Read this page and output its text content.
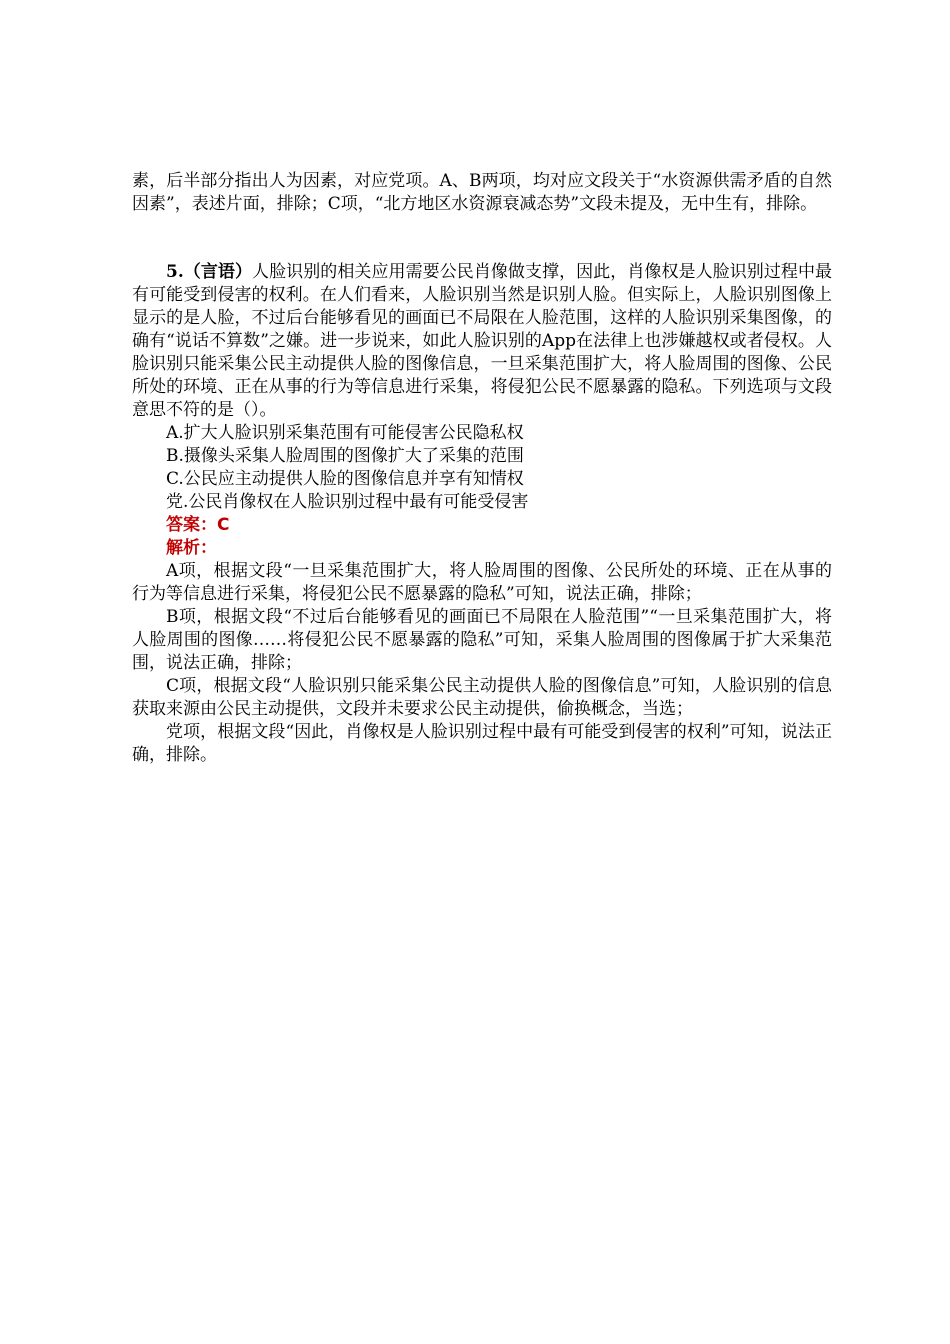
素，后半部分指出人为因素，对应党项。A、B两项，均对应文段关于“水资源供需矛盾的自然因素”，表述片面，排除；C项，“北方地区水资源衰减态势”文段未提及，无中生有，排除。

5.（言语）人脸识别的相关应用需要公民肖像做支撑，因此，肖像权是人脸识别过程中最有可能受到侵害的权利。在人们看来，人脸识别当然是识别人脸。但实际上，人脸识别图像上显示的是人脸，不过后台能够看见的画面已不局限在人脸范围，这样的人脸识别采集图像，的确有“说话不算数”之嫌。进一步说来，如此人脸识别的App在法律上也涉嫌越权或者侵权。人脸识别只能采集公民主动提供人脸的图像信息，一旦采集范围扩大，将人脸周围的图像、公民所处的环境、正在从事的行为等信息进行采集，将侵犯公民不愿暴露的隐私。下列选项与文段意思不符的是（）。

A.扩大人脸识别采集范围有可能侵害公民隐私权

B.摄像头采集人脸周围的图像扩大了采集的范围

C.公民应主动提供人脸的图像信息并享有知情权

党.公民肖像权在人脸识别过程中最有可能受侵害

答案：C

解析：

A项，根据文段“一旦采集范围扩大，将人脸周围的图像、公民所处的环境、正在从事的行为等信息进行采集，将侵犯公民不愿暴露的隐私”可知，说法正确，排除；

B项，根据文段“不过后台能够看见的画面已不局限在人脸范围”“一旦采集范围扩大，将人脸周围的图像……将侵犯公民不愿暴露的隐私”可知，采集人脸周围的图像属于扩大采集范围，说法正确，排除；

C项，根据文段“人脸识别只能采集公民主动提供人脸的图像信息”可知，人脸识别的信息获取来源由公民主动提供，文段并未要求公民主动提供，偷换概念，当选；

党项，根据文段“因此，肖像权是人脸识别过程中最有可能受到侵害的权利”可知，说法正确，排除。
